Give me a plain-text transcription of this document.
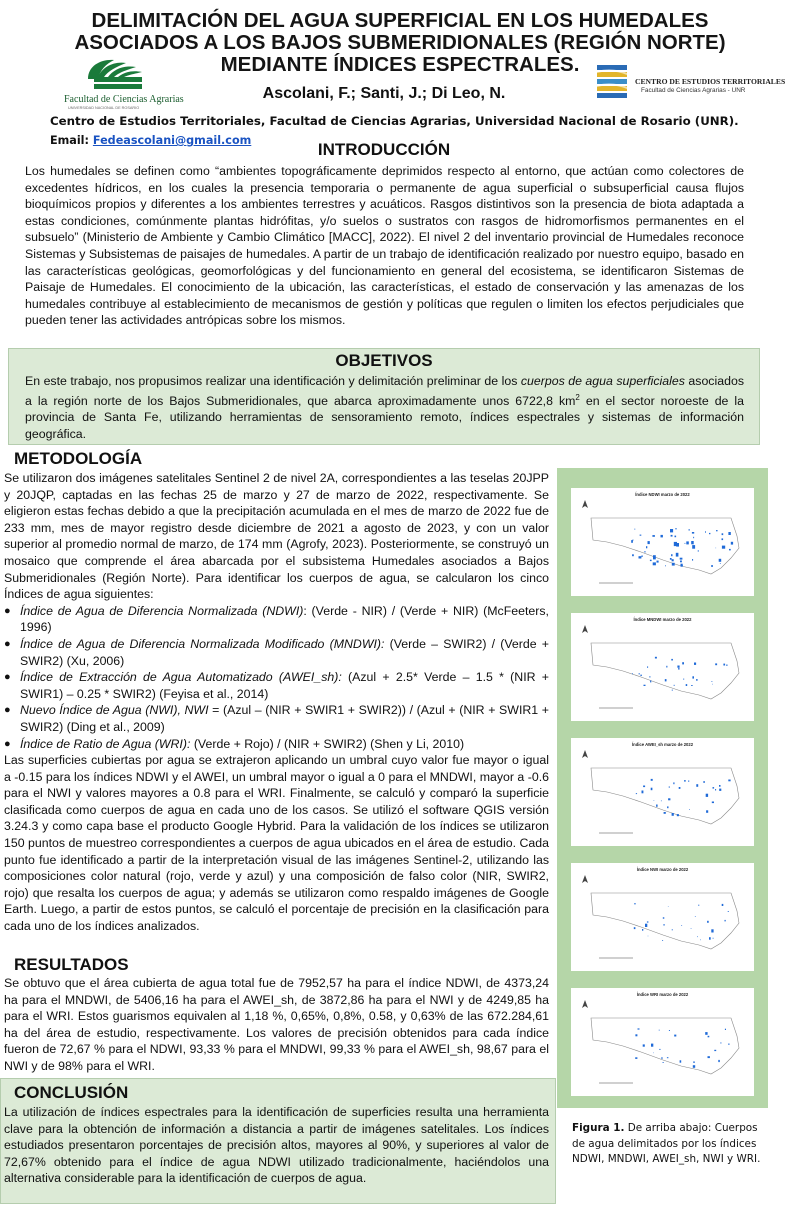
DELIMITACIÓN DEL AGUA SUPERFICIAL EN LOS HUMEDALES
ASOCIADOS A LOS BAJOS SUBMERIDIONALES (REGIÓN NORTE)
MEDIANTE ÍNDICES ESPECTRALES.
Facultad de Ciencias Agrarias
UNIVERSIDAD NACIONAL DE ROSARIO
Ascolani, F.; Santi, J.; Di Leo, N.
CENTRO DE ESTUDIOS TERRITORIALES
Facultad de Ciencias Agrarias - UNR
Centro de Estudios Territoriales, Facultad de Ciencias Agrarias, Universidad Nacional de Rosario (UNR).
Email: Fedeascolani@gmail.com	INTRODUCCIÓN
Los humedales se definen como “ambientes topográficamente deprimidos respecto al entorno, que actúan como colectores de excedentes hídricos, en los cuales la presencia temporaria o permanente de agua superficial o subsuperficial causa flujos bioquímicos propios y diferentes a los ambientes terrestres y acuáticos. Rasgos distintivos son la presencia de biota adaptada a estas condiciones, comúnmente plantas hidrófitas, y/o suelos o sustratos con rasgos de hidromorfismos permanentes en el subsuelo” (Ministerio de Ambiente y Cambio Climático [MACC], 2022). El nivel 2 del inventario provincial de Humedales reconoce Sistemas y Subsistemas de paisajes de humedales. A partir de un trabajo de identificación realizado por nuestro equipo, basado en las características geológicas, geomorfológicas y del funcionamiento en general del ecosistema, se identificaron Sistemas de Paisaje de Humedales. El conocimiento de la ubicación, las características, el estado de conservación y las amenazas de los humedales contribuye al establecimiento de mecanismos de gestión y políticas que regulen o limiten los efectos perjudiciales que pueden tener las actividades antrópicas sobre los mismos.
OBJETIVOS
En este trabajo, nos propusimos realizar una identificación y delimitación preliminar de los cuerpos de agua superficiales asociados a la región norte de los Bajos Submeridionales, que abarca aproximadamente unos 6722,8 $km^2$ en el sector noroeste de la provincia de Santa Fe, utilizando herramientas de sensoramiento remoto, índices espectrales y sistemas de información geográfica.
METODOLOGÍA

Se utilizaron dos imágenes satelitales Sentinel 2 de nivel 2A, correspondientes a las teselas 20JPP y 20JQP, captadas en las fechas 25 de marzo y 27 de marzo de 2022, respectivamente. Se eligieron estas fechas debido a que la precipitación acumulada en el mes de marzo de 2022 fue de 233 mm, mes de mayor registro desde diciembre de 2021 a agosto de 2023, y con un valor superior al promedio normal de marzo, de 174 mm (Agrofy, 2023). Posteriormente, se construyó un mosaico que comprende el área abarcada por el subsistema Humedales asociados a Bajos Submeridionales (Región Norte). Para identificar los cuerpos de agua, se calcularon los cinco Índices de agua siguientes:

● Índice de Agua de Diferencia Normalizada (NDWI): (Verde - NIR) / (Verde + NIR) (McFeeters, 1996)
● Índice de Agua de Diferencia Normalizada Modificado (MNDWI): (Verde – SWIR2) / (Verde + SWIR2) (Xu, 2006)
● Índice de Extracción de Agua Automatizado (AWEI_sh): (Azul + 2.5* Verde – 1.5 * (NIR + SWIR1) – 0.25 * SWIR2) (Feyisa et al., 2014)
● Nuevo Índice de Agua (NWI), NWI = (Azul – (NIR + SWIR1 + SWIR2)) / (Azul + (NIR + SWIR1 + SWIR2) (Ding et al., 2009)
● Índice de Ratio de Agua (WRI): (Verde + Rojo) / (NIR + SWIR2) (Shen y Li, 2010)

Las superficies cubiertas por agua se extrajeron aplicando un umbral cuyo valor fue mayor o igual a -0.15 para los índices NDWI y el AWEI, un umbral mayor o igual a 0 para el MNDWI, mayor a -0.6 para el NWI y valores mayores a 0.8 para el WRI. Finalmente, se calculó y comparó la superficie clasificada como cuerpos de agua en cada uno de los casos. Se utilizó el software QGIS versión 3.24.3 y como capa base el producto Google Hybrid. Para la validación de los índices se utilizaron 150 puntos de muestreo correspondientes a cuerpos de agua ubicados en el área de estudio. Cada punto fue identificado a partir de la interpretación visual de las imágenes Sentinel-2, utilizando las composiciones color natural (rojo, verde y azul) y una composición de falso color (NIR, SWIR2, rojo) que resalta los cuerpos de agua; y además se utilizaron como respaldo imágenes de Google Earth. Luego, a partir de estos puntos, se calculó el porcentaje de precisión en la clasificación para cada uno de los índices analizados.

RESULTADOS
Se obtuvo que el área cubierta de agua total fue de 7952,57 ha para el índice NDWI, de 4373,24 ha para el MNDWI, de 5406,16 ha para el AWEI_sh, de 3872,86 ha para el NWI y de 4249,85 ha para el WRI. Estos guarismos equivalen al 1,18 %, 0,65%, 0,8%, 0.58, y 0,63% de las 672.284,61 ha del área de estudio, respectivamente. Los valores de precisión obtenidos para cada índice fueron de 72,67 % para el NDWI, 93,33 % para el MNDWI, 99,33 % para el AWEI_sh, 98,67 para el NWI y de 98% para el WRI.
CONCLUSIÓN
La utilización de índices espectrales para la identificación de superficies resulta una herramienta clave para la obtención de información a distancia a partir de imágenes satelitales. Los índices estudiados presentaron porcentajes de precisión altos, mayores al 90%, y superiores al valor de 72,67% obtenido para el índice de agua NDWI utilizado tradicionalmente, haciéndolos una alternativa considerable para la identificación de cuerpos de agua.
Índice NDWI marzo de 2022
Índice MNDWI marzo de 2022
Índice AWEI_sh marzo de 2022
Índice NWI marzo de 2022
Índice WRI marzo de 2022
Figura 1. De arriba abajo: Cuerpos de agua delimitados por los índices NDWI, MNDWI, AWEI_sh, NWI y WRI.
